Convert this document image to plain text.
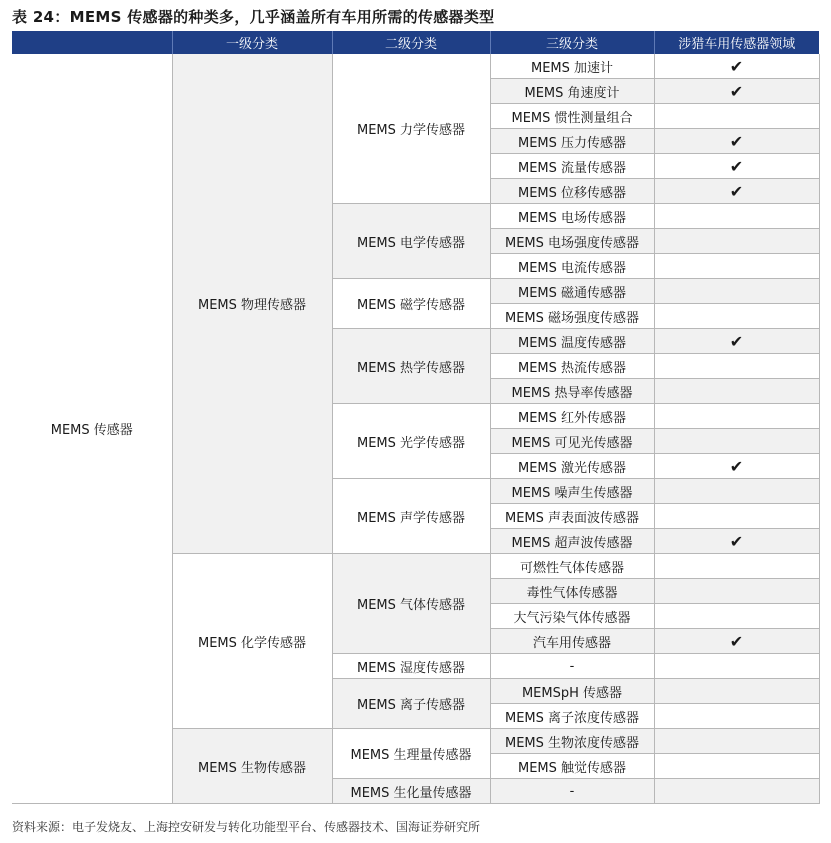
表 24：MEMS 传感器的种类多，几乎涵盖所有车用所需的传感器类型
	一级分类	二级分类	三级分类	涉猎车用传感器领域
MEMS 传感器	MEMS 物理传感器	MEMS 力学传感器	MEMS 加速计	✔
			MEMS 角速度计	✔
			MEMS 惯性测量组合	
			MEMS 压力传感器	✔
			MEMS 流量传感器	✔
			MEMS 位移传感器	✔
		MEMS 电学传感器	MEMS 电场传感器	
			MEMS 电场强度传感器	
			MEMS 电流传感器	
		MEMS 磁学传感器	MEMS 磁通传感器	
			MEMS 磁场强度传感器	
		MEMS 热学传感器	MEMS 温度传感器	✔
			MEMS 热流传感器	
			MEMS 热导率传感器	
		MEMS 光学传感器	MEMS 红外传感器	
			MEMS 可见光传感器	
			MEMS 激光传感器	✔
		MEMS 声学传感器	MEMS 噪声生传感器	
			MEMS 声表面波传感器	
			MEMS 超声波传感器	✔
	MEMS 化学传感器	MEMS 气体传感器	可燃性气体传感器	
			毒性气体传感器	
			大气污染气体传感器	
			汽车用传感器	✔
		MEMS 湿度传感器	-	
		MEMS 离子传感器	MEMSpH 传感器	
			MEMS 离子浓度传感器	
	MEMS 生物传感器	MEMS 生理量传感器	MEMS 生物浓度传感器	
			MEMS 触觉传感器	
		MEMS 生化量传感器	-	
资料来源：电子发烧友、上海控安研发与转化功能型平台、传感器技术、国海证券研究所
